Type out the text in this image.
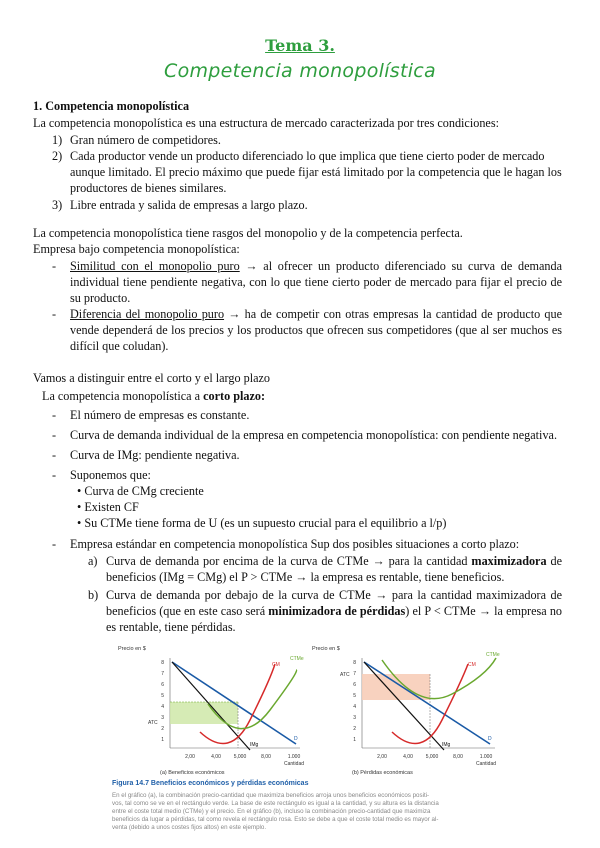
Tema 3.
Competencia monopolística
1. Competencia monopolística
La competencia monopolística es una estructura de mercado caracterizada por tres condiciones:
1) Gran número de competidores.
2) Cada productor vende un producto diferenciado lo que implica que tiene cierto poder de mercado
aunque limitado. El precio máximo que puede fijar está limitado por la competencia que le hagan los
productores de bienes similares.
3) Libre entrada y salida de empresas a largo plazo.
La competencia monopolística tiene rasgos del monopolio y de la competencia perfecta.
Empresa bajo competencia monopolística:
- Similitud con el monopolio puro → al ofrecer un producto diferenciado su curva de demanda
individual tiene pendiente negativa, con lo que tiene cierto poder de mercado para fijar el precio de
su producto.
- Diferencia del monopolio puro → ha de competir con otras empresas la cantidad de producto que
vende dependerá de los precios y los productos que ofrecen sus competidores (que al ser muchos es
difícil que coludan).
Vamos a distinguir entre el corto y el largo plazo
La competencia monopolística a corto plazo:
- El número de empresas es constante.
- Curva de demanda individual de la empresa en competencia monopolística: con pendiente negativa.
- Curva de IMg: pendiente negativa.
- Suponemos que:
• Curva de CMg creciente
• Existen CF
• Su CTMe tiene forma de U (es un supuesto crucial para el equilibrio a l/p)
- Empresa estándar en competencia monopolística Sup dos posibles situaciones a corto plazo:
a) Curva de demanda por encima de la curva de CTMe → para la cantidad maximizadora de
beneficios (IMg = CMg) el P > CTMe → la empresa es rentable, tiene beneficios.
b) Curva de demanda por debajo de la curva de CTMe → para la cantidad maximizadora de
beneficios (que en este caso será minimizadora de pérdidas) el P < CTMe → la empresa no
es rentable, tiene pérdidas.
Precio en $
8
7
6
5
4
3
2
1
ATC
CM
CTMe
D
IMg
2,00	4,00	5,000	8,00	1.000
Cantidad
(a) Beneficios económicos
Precio en $
8
7
6
5
4
3
2
1
ATC
CM
CTMe
D
IMg
2,00	4,00	5,000	8,00	1.000
Cantidad
(b) Pérdidas económicas
Figura 14.7 Beneficios económicos y pérdidas económicas
En el gráfico (a), la combinación precio-cantidad que maximiza beneficios arroja unos beneficios económicos positi-
vos, tal como se ve en el rectángulo verde. La base de este rectángulo es igual a la cantidad, y su altura es la distancia
entre el coste total medio (CTMe) y el precio. En el gráfico (b), incluso la combinación precio-cantidad que maximiza
beneficios da lugar a pérdidas, tal como revela el rectángulo rosa. Esto se debe a que el coste total medio es mayor al-
venta (debido a unos costes fijos altos) en este ejemplo.
